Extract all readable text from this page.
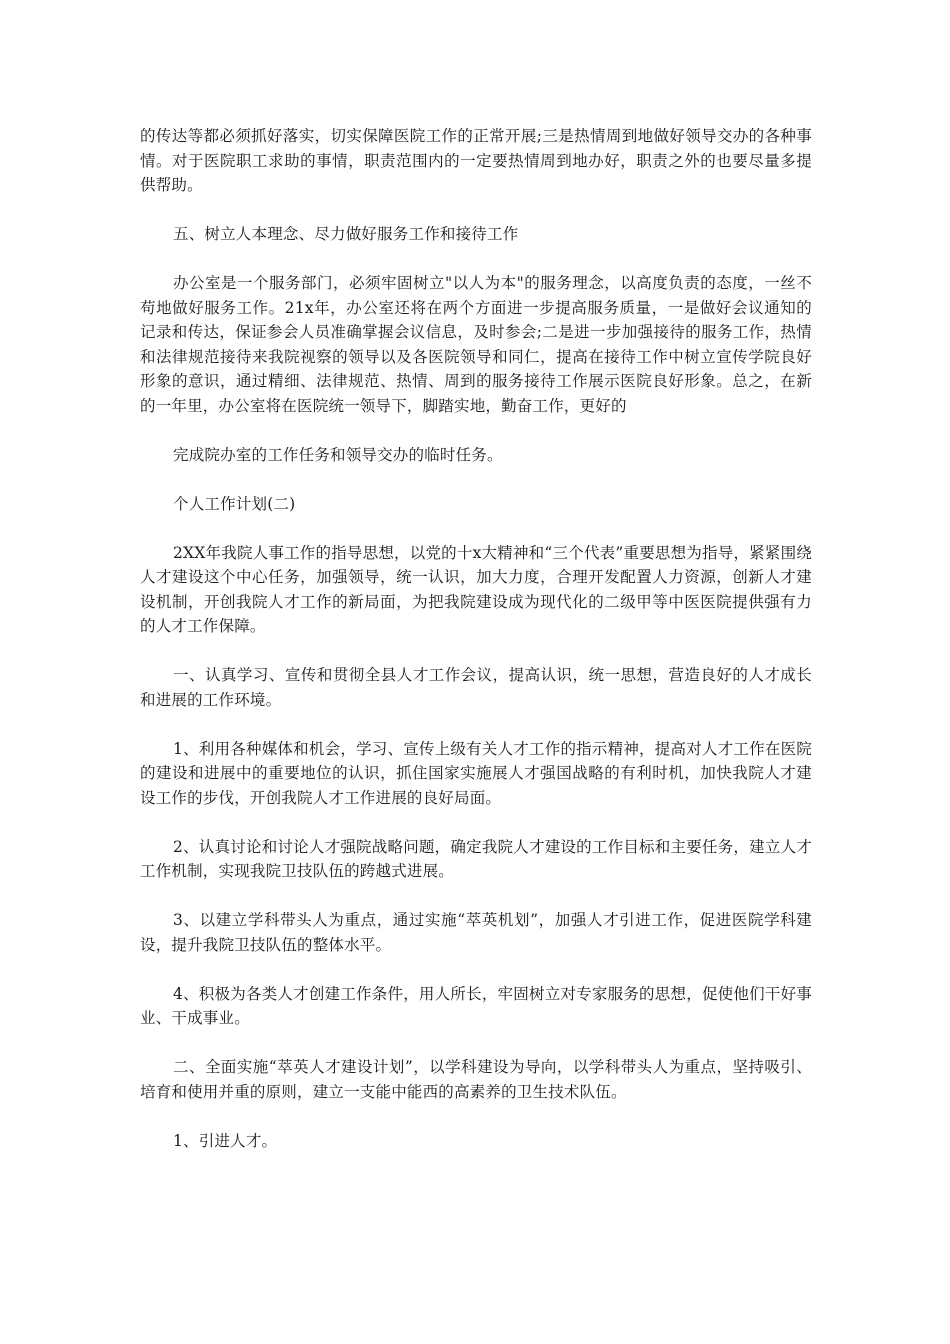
的传达等都必须抓好落实，切实保障医院工作的正常开展;三是热情周到地做好领导交办的各种事情。对于医院职工求助的事情，职责范围内的一定要热情周到地办好，职责之外的也要尽量多提供帮助。

五、树立人本理念、尽力做好服务工作和接待工作

办公室是一个服务部门，必须牢固树立"以人为本"的服务理念，以高度负责的态度，一丝不苟地做好服务工作。21x年，办公室还将在两个方面进一步提高服务质量，一是做好会议通知的记录和传达，保证参会人员准确掌握会议信息，及时参会;二是进一步加强接待的服务工作，热情和法律规范接待来我院视察的领导以及各医院领导和同仁，提高在接待工作中树立宣传学院良好形象的意识，通过精细、法律规范、热情、周到的服务接待工作展示医院良好形象。总之，在新的一年里，办公室将在医院统一领导下，脚踏实地，勤奋工作，更好的

完成院办室的工作任务和领导交办的临时任务。

个人工作计划(二)

2XX年我院人事工作的指导思想，以党的十x大精神和“三个代表”重要思想为指导，紧紧围绕人才建设这个中心任务，加强领导，统一认识，加大力度，合理开发配置人力资源，创新人才建设机制，开创我院人才工作的新局面，为把我院建设成为现代化的二级甲等中医医院提供强有力的人才工作保障。

一、认真学习、宣传和贯彻全县人才工作会议，提高认识，统一思想，营造良好的人才成长和进展的工作环境。

1、利用各种媒体和机会，学习、宣传上级有关人才工作的指示精神，提高对人才工作在医院的建设和进展中的重要地位的认识，抓住国家实施展人才强国战略的有利时机，加快我院人才建设工作的步伐，开创我院人才工作进展的良好局面。

2、认真讨论和讨论人才强院战略问题，确定我院人才建设的工作目标和主要任务，建立人才工作机制，实现我院卫技队伍的跨越式进展。

3、以建立学科带头人为重点，通过实施“萃英机划”，加强人才引进工作，促进医院学科建设，提升我院卫技队伍的整体水平。

4、积极为各类人才创建工作条件，用人所长，牢固树立对专家服务的思想，促使他们干好事业、干成事业。

二、全面实施“萃英人才建设计划”，以学科建设为导向，以学科带头人为重点，坚持吸引、培育和使用并重的原则，建立一支能中能西的高素养的卫生技术队伍。

1、引进人才。
